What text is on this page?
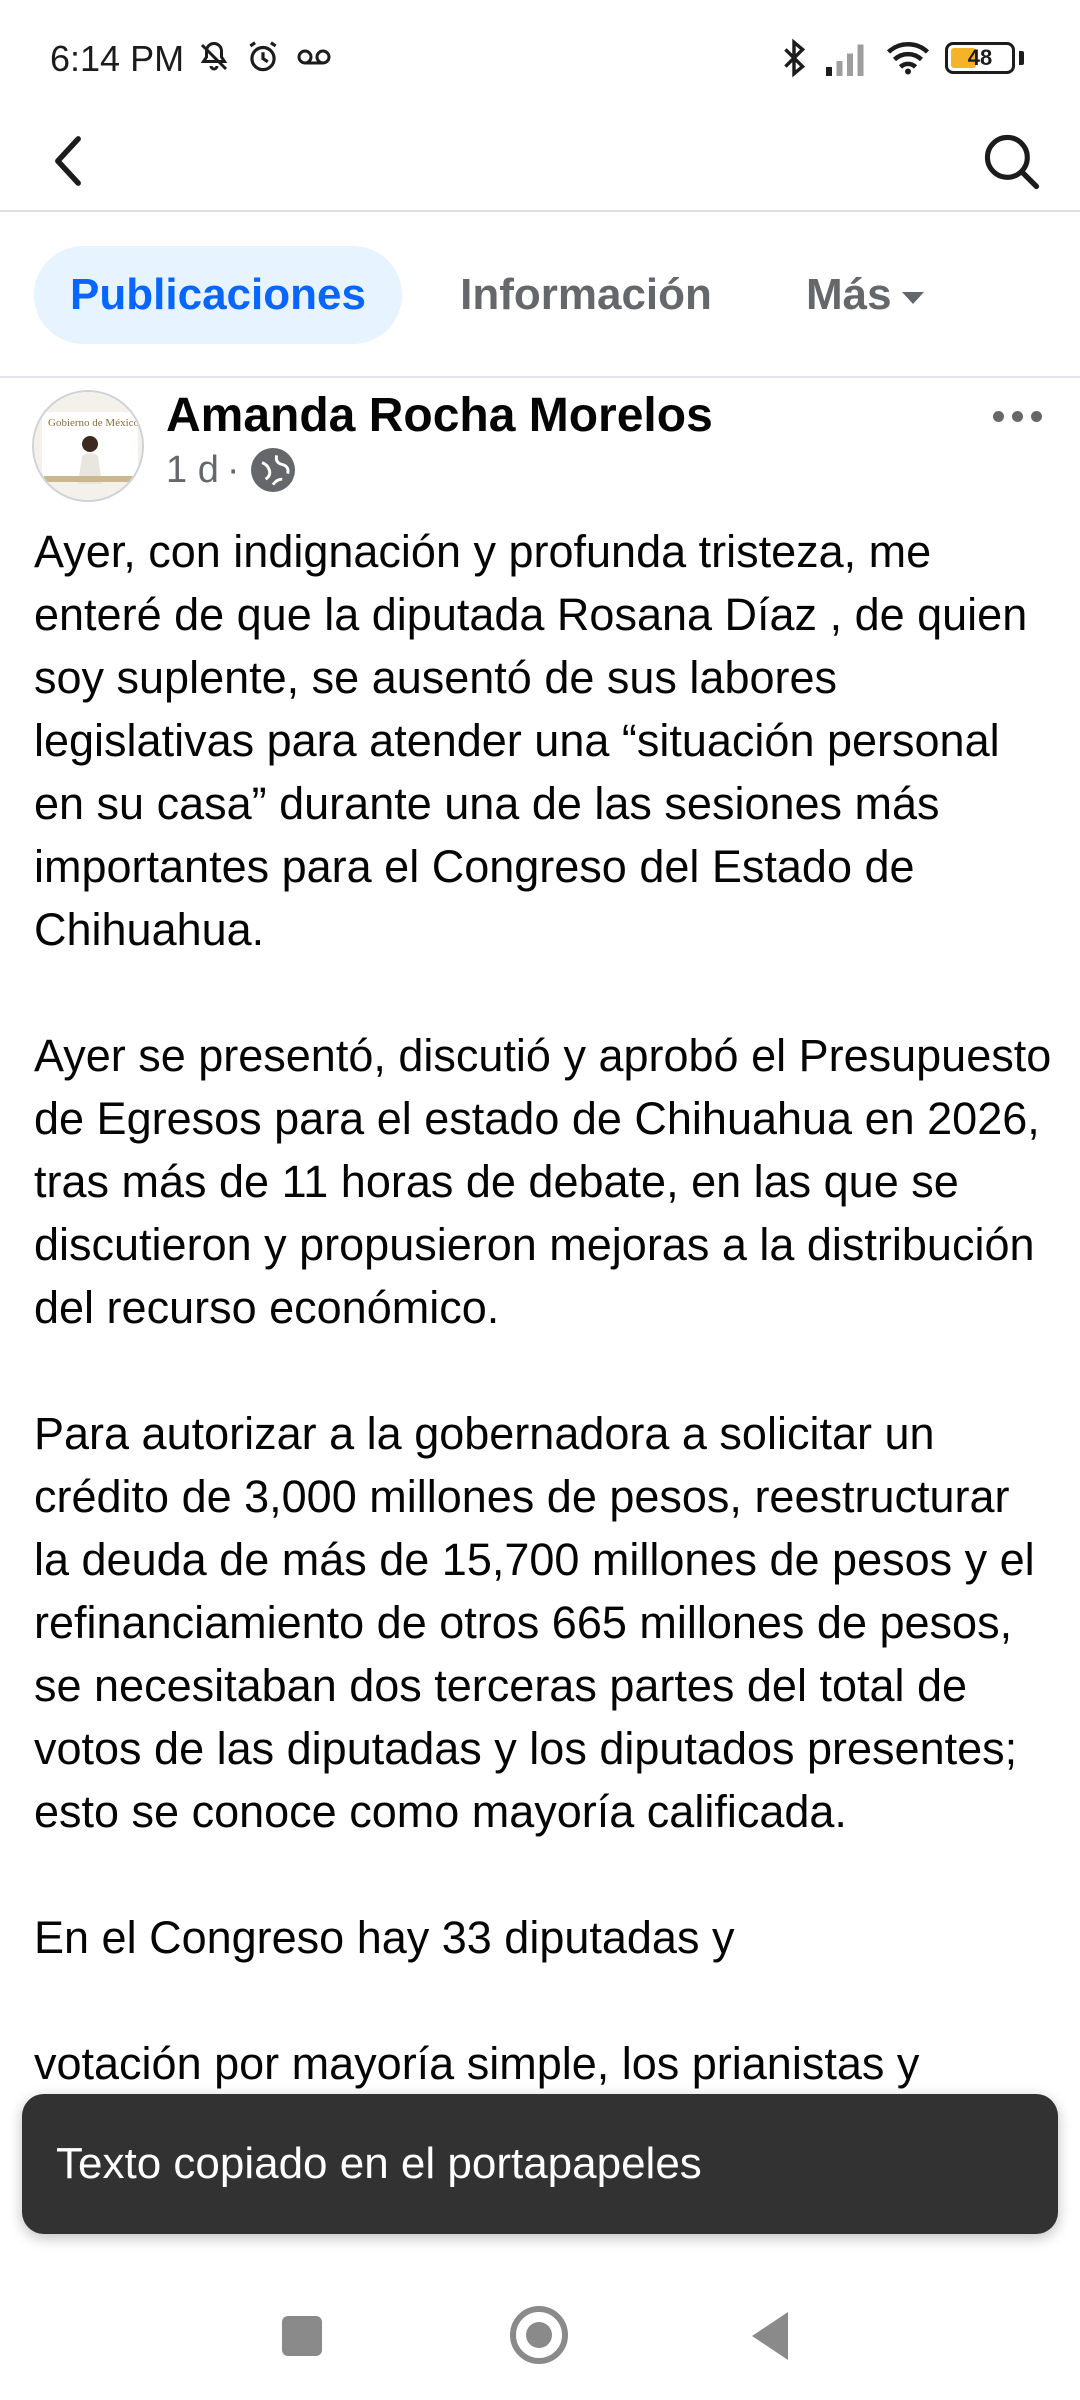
6:14 PM	48
Publicaciones Información Más
Gobierno de México Amanda Rocha Morelos
1 d ·

Ayer, con indignación y profunda tristeza, me enteré de que la diputada Rosana Díaz , de quien soy suplente, se ausentó de sus labores legislativas para atender una “situación personal en su casa” durante una de las sesiones más importantes para el Congreso del Estado de Chihuahua.

Ayer se presentó, discutió y aprobó el Presupuesto de Egresos para el estado de Chihuahua en 2026, tras más de 11 horas de debate, en las que se discutieron y propusieron mejoras a la distribución del recurso económico.

Para autorizar a la gobernadora a solicitar un crédito de 3,000 millones de pesos, reestructurar la deuda de más de 15,700 millones de pesos y el refinanciamiento de otros 665 millones de pesos, se necesitaban dos terceras partes del total de votos de las diputadas y los diputados presentes; esto se conoce como mayoría calificada.

En el Congreso hay 33 diputadas y

votación por mayoría simple, los prianistas y

Texto copiado en el portapapeles
